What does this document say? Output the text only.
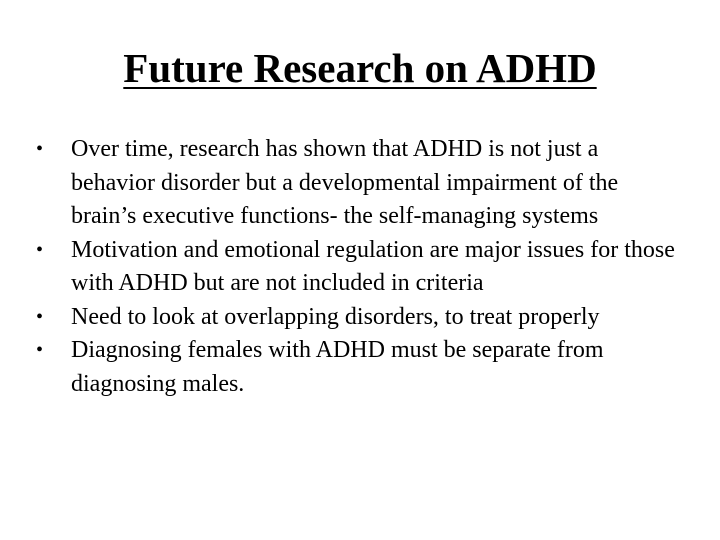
Future Research on ADHD
•	Over time, research has shown that ADHD is not just a behavior disorder but a developmental impairment of the brain’s executive functions- the self-managing systems
•	Motivation and emotional regulation are major issues for those with ADHD but are not included in criteria
•	Need to look at overlapping disorders, to treat properly
•	Diagnosing females with ADHD must be separate from diagnosing males.
